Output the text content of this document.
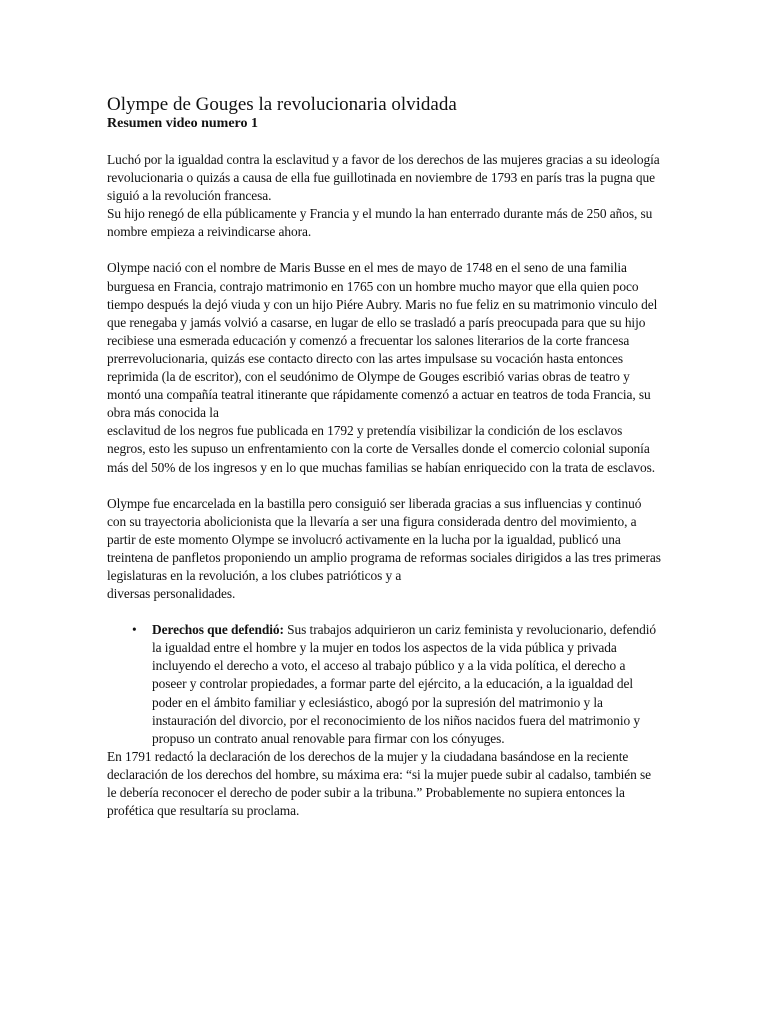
Olympe de Gouges la revolucionaria olvidada
Resumen video numero 1

Luchó por la igualdad contra la esclavitud y a favor de los derechos de las mujeres gracias a su ideología revolucionaria o quizás a causa de ella fue guillotinada en noviembre de 1793 en parís tras la pugna que siguió a la revolución francesa.

Su hijo renegó de ella públicamente y Francia y el mundo la han enterrado durante más de 250 años, su nombre empieza a reivindicarse ahora.

Olympe nació con el nombre de Maris Busse en el mes de mayo de 1748 en el seno de una familia burguesa en Francia, contrajo matrimonio en 1765 con un hombre mucho mayor que ella quien poco tiempo después la dejó viuda y con un hijo Piére Aubry. Maris no fue feliz en su matrimonio vinculo del que renegaba y jamás volvió a casarse, en lugar de ello se trasladó a parís preocupada para que su hijo recibiese una esmerada educación y comenzó a frecuentar los salones literarios de la corte francesa prerrevolucionaria, quizás ese contacto directo con las artes impulsase su vocación hasta entonces reprimida (la de escritor), con el seudónimo de Olympe de Gouges escribió varias obras de teatro y montó una compañía teatral itinerante que rápidamente comenzó a actuar en teatros de toda Francia, su obra más conocida la

esclavitud de los negros fue publicada en 1792 y pretendía visibilizar la condición de los esclavos negros, esto les supuso un enfrentamiento con la corte de Versalles donde el comercio colonial suponía más del 50% de los ingresos y en lo que muchas familias se habían enriquecido con la trata de esclavos.

Olympe fue encarcelada en la bastilla pero consiguió ser liberada gracias a sus influencias y continuó con su trayectoria abolicionista que la llevaría a ser una figura considerada dentro del movimiento, a partir de este momento Olympe se involucró activamente en la lucha por la igualdad, publicó una treintena de panfletos proponiendo un amplio programa de reformas sociales dirigidos a las tres primeras legislaturas en la revolución, a los clubes patrióticos y a

diversas personalidades.

• Derechos que defendió: Sus trabajos adquirieron un cariz feminista y revolucionario, defendió la igualdad entre el hombre y la mujer en todos los aspectos de la vida pública y privada incluyendo el derecho a voto, el acceso al trabajo público y a la vida política, el derecho a poseer y controlar propiedades, a formar parte del ejército, a la educación, a la igualdad del poder en el ámbito familiar y eclesiástico, abogó por la supresión del matrimonio y la instauración del divorcio, por el reconocimiento de los niños nacidos fuera del matrimonio y propuso un contrato anual renovable para firmar con los cónyuges.

En 1791 redactó la declaración de los derechos de la mujer y la ciudadana basándose en la reciente declaración de los derechos del hombre, su máxima era: “si la mujer puede subir al cadalso, también se le debería reconocer el derecho de poder subir a la tribuna.” Probablemente no supiera entonces la

profética que resultaría su proclama.
